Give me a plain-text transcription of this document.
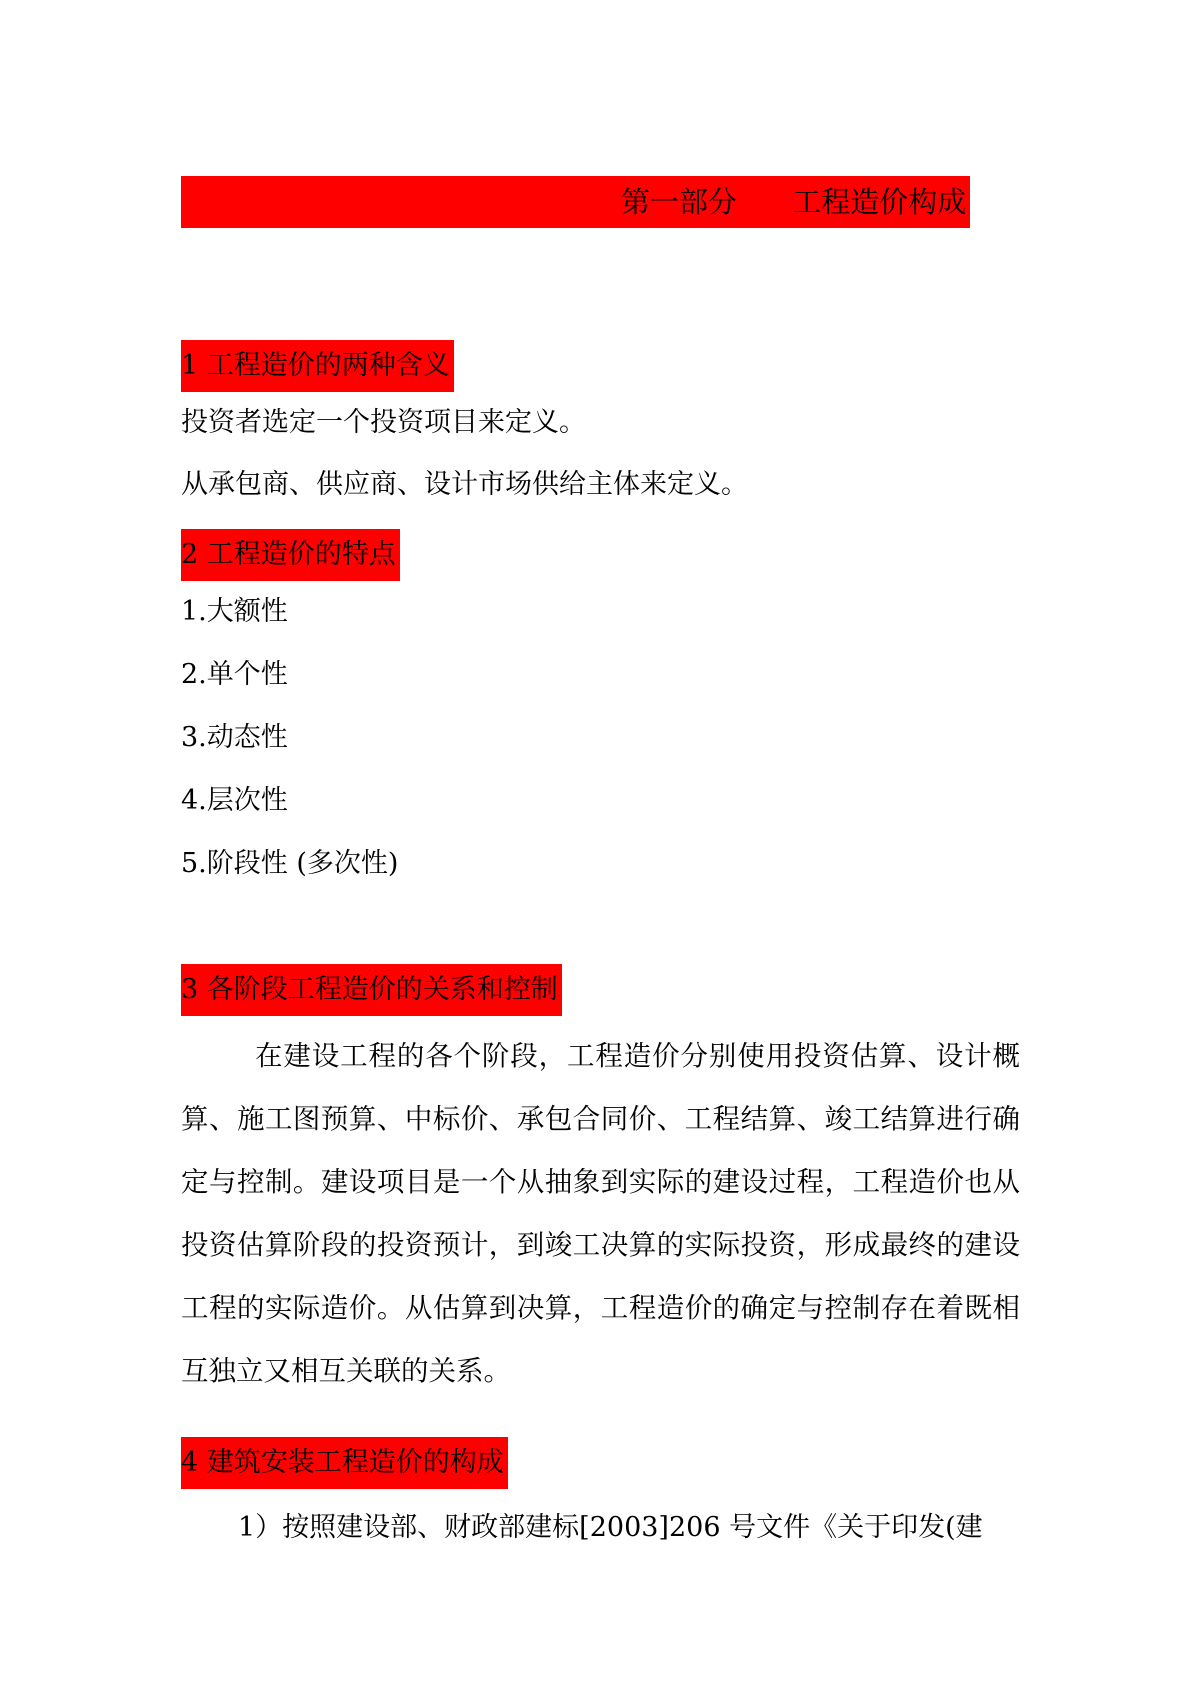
第一部分      工程造价构成
1 工程造价的两种含义
投资者选定一个投资项目来定义。
从承包商、供应商、设计市场供给主体来定义。
2 工程造价的特点
1.大额性
2.单个性
3.动态性
4.层次性
5.阶段性 (多次性)
3 各阶段工程造价的关系和控制
在建设工程的各个阶段，工程造价分别使用投资估算、设计概算、施工图预算、中标价、承包合同价、工程结算、竣工结算进行确定与控制。建设项目是一个从抽象到实际的建设过程，工程造价也从投资估算阶段的投资预计，到竣工决算的实际投资，形成最终的建设工程的实际造价。从估算到决算，工程造价的确定与控制存在着既相互独立又相互关联的关系。
4 建筑安装工程造价的构成
1）按照建设部、财政部建标[2003]206 号文件《关于印发(建
